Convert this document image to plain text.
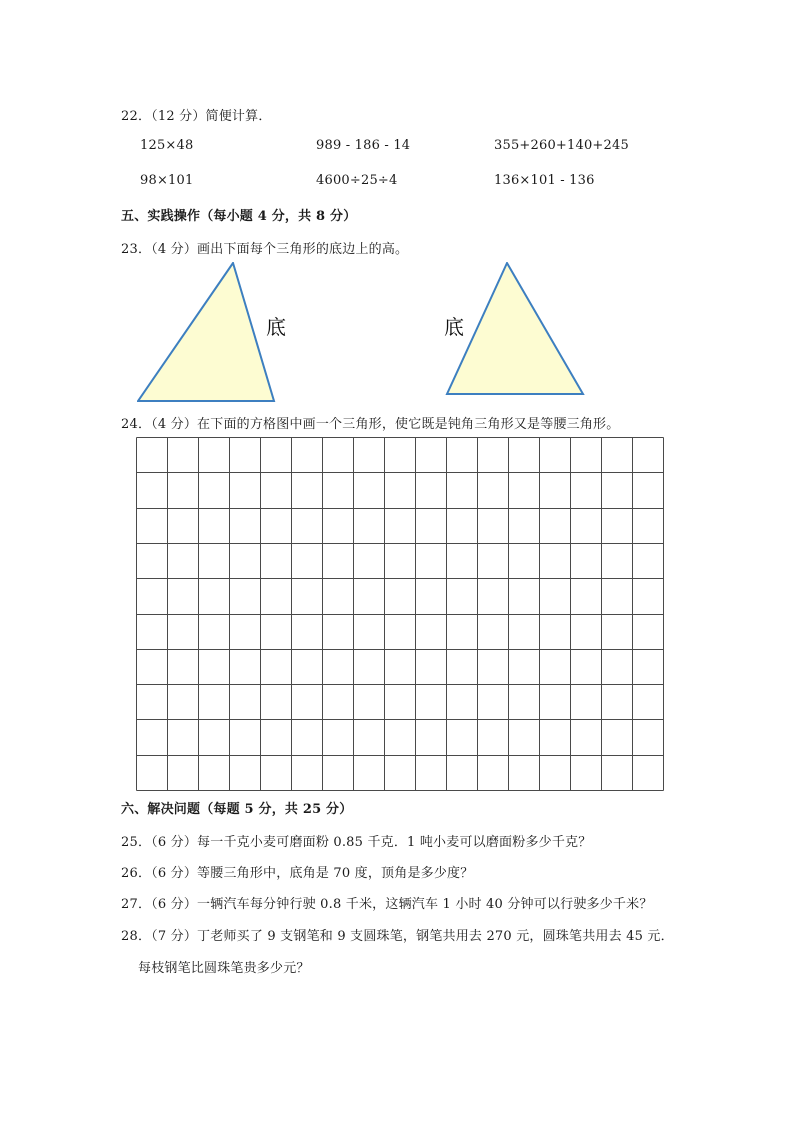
22．（12 分）简便计算．
125×48	989 - 186 - 14	355+260+140+245
98×101	4600÷25÷4	136×101 - 136
五、实践操作（每小题 4 分，共 8 分）
23．（4 分）画出下面每个三角形的底边上的高。
底	底
24．（4 分）在下面的方格图中画一个三角形，使它既是钝角三角形又是等腰三角形。
六、解决问题（每题 5 分，共 25 分）
25．（6 分）每一千克小麦可磨面粉 0.85 千克．1 吨小麦可以磨面粉多少千克？
26．（6 分）等腰三角形中，底角是 70 度，顶角是多少度？
27．（6 分）一辆汽车每分钟行驶 0.8 千米，这辆汽车 1 小时 40 分钟可以行驶多少千米？
28．（7 分）丁老师买了 9 支钢笔和 9 支圆珠笔，钢笔共用去 270 元，圆珠笔共用去 45 元．
每枝钢笔比圆珠笔贵多少元？
